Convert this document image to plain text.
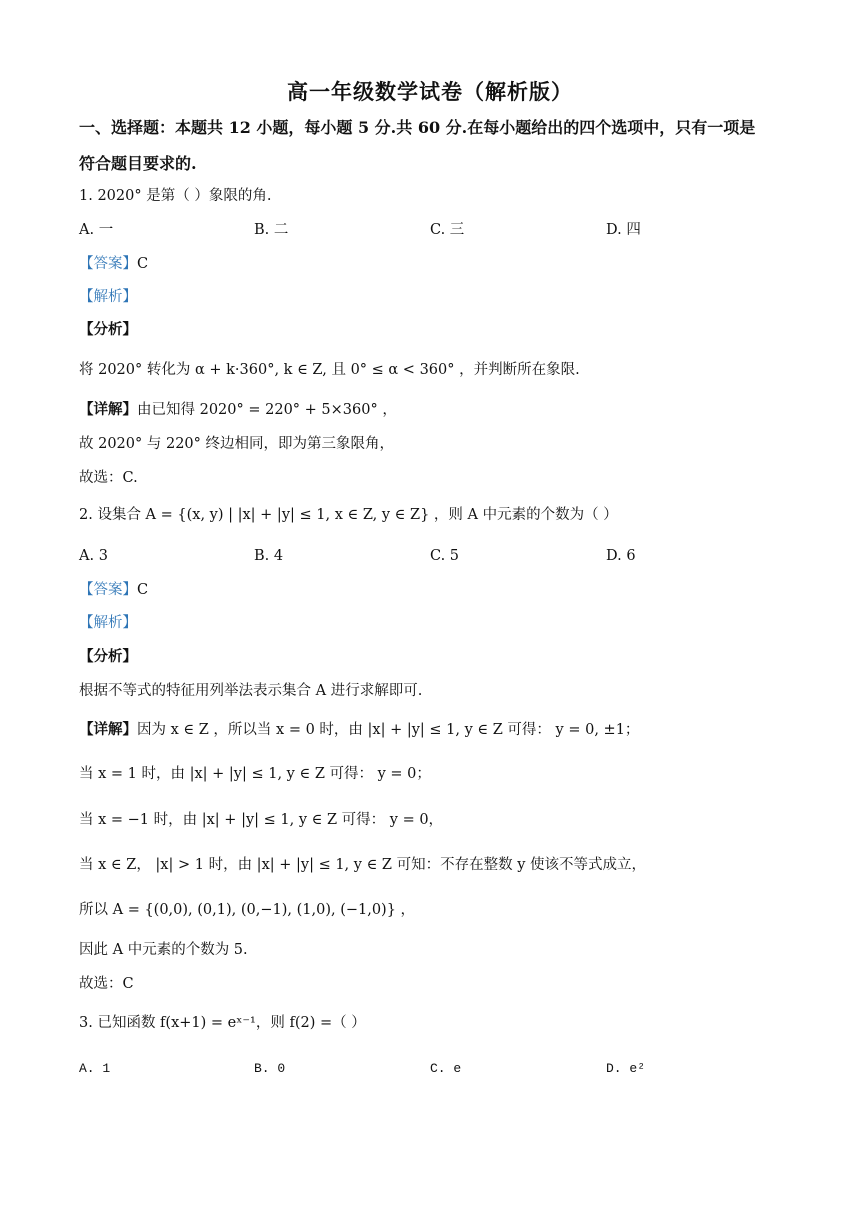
高一年级数学试卷（解析版）
一、选择题：本题共 12 小题，每小题 5 分.共 60 分.在每小题给出的四个选项中，只有一项是
符合题目要求的.
1. 2020° 是第（ ）象限的角.
A. 一	B. 二	C. 三	D. 四
【答案】C
【解析】
【分析】
将 2020° 转化为 α + k·360°, k ∈ Z, 且 0° ≤ α < 360° ，并判断所在象限.
【详解】由已知得 2020° = 220° + 5×360° ，
故 2020° 与 220° 终边相同，即为第三象限角，
故选：C.
2. 设集合 A = {(x, y) | |x| + |y| ≤ 1, x ∈ Z, y ∈ Z} ，则 A 中元素的个数为（ ）
A. 3	B. 4	C. 5	D. 6
【答案】C
【解析】
【分析】
根据不等式的特征用列举法表示集合 A 进行求解即可.
【详解】因为 x ∈ Z ，所以当 x = 0 时，由 |x| + |y| ≤ 1, y ∈ Z 可得： y = 0, ±1；
当 x = 1 时，由 |x| + |y| ≤ 1, y ∈ Z 可得： y = 0；
当 x = −1 时，由 |x| + |y| ≤ 1, y ∈ Z 可得： y = 0，
当 x ∈ Z， |x| > 1 时，由 |x| + |y| ≤ 1, y ∈ Z 可知：不存在整数 y 使该不等式成立，
所以 A = {(0,0), (0,1), (0,−1), (1,0), (−1,0)} ，
因此 A 中元素的个数为 5.
故选：C
3. 已知函数 f(x+1) = eˣ⁻¹，则 f(2) =（ ）
A. 1	B. 0	C. e	D. e²
